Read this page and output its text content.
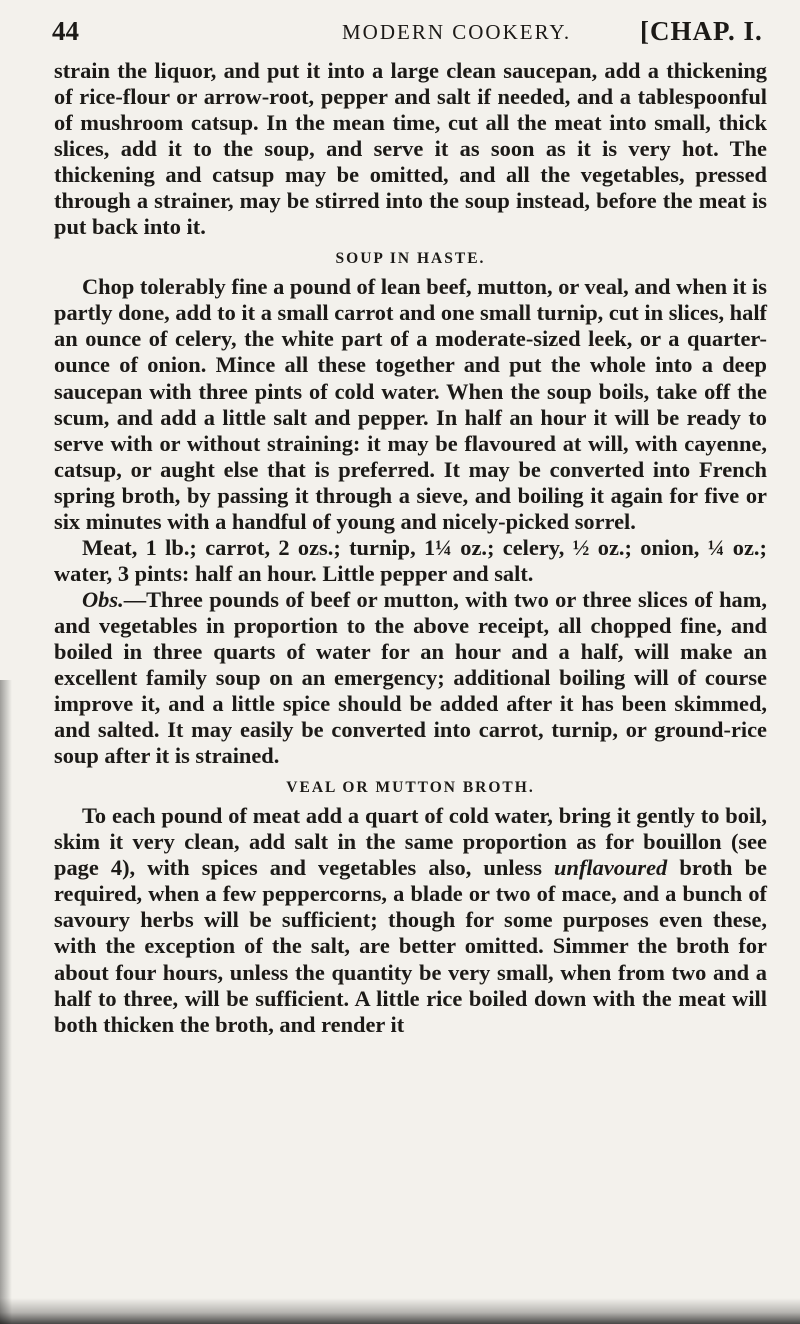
44	MODERN COOKERY.	[CHAP. I.

strain the liquor, and put it into a large clean saucepan, add a thickening of rice-flour or arrow-root, pepper and salt if needed, and a tablespoonful of mushroom catsup. In the mean time, cut all the meat into small, thick slices, add it to the soup, and serve it as soon as it is very hot. The thickening and catsup may be omitted, and all the vegetables, pressed through a strainer, may be stirred into the soup instead, before the meat is put back into it.

SOUP IN HASTE.

Chop tolerably fine a pound of lean beef, mutton, or veal, and when it is partly done, add to it a small carrot and one small turnip, cut in slices, half an ounce of celery, the white part of a moderate-sized leek, or a quarter-ounce of onion. Mince all these together and put the whole into a deep saucepan with three pints of cold water. When the soup boils, take off the scum, and add a little salt and pepper. In half an hour it will be ready to serve with or without straining: it may be flavoured at will, with cayenne, catsup, or aught else that is preferred. It may be converted into French spring broth, by passing it through a sieve, and boiling it again for five or six minutes with a handful of young and nicely-picked sorrel.

Meat, 1 lb.; carrot, 2 ozs.; turnip, 1¼ oz.; celery, ½ oz.; onion, ¼ oz.; water, 3 pints: half an hour. Little pepper and salt.

Obs.—Three pounds of beef or mutton, with two or three slices of ham, and vegetables in proportion to the above receipt, all chopped fine, and boiled in three quarts of water for an hour and a half, will make an excellent family soup on an emergency; additional boiling will of course improve it, and a little spice should be added after it has been skimmed, and salted. It may easily be converted into carrot, turnip, or ground-rice soup after it is strained.

VEAL OR MUTTON BROTH.

To each pound of meat add a quart of cold water, bring it gently to boil, skim it very clean, add salt in the same proportion as for bouillon (see page 4), with spices and vegetables also, unless unflavoured broth be required, when a few peppercorns, a blade or two of mace, and a bunch of savoury herbs will be sufficient; though for some purposes even these, with the exception of the salt, are better omitted. Simmer the broth for about four hours, unless the quantity be very small, when from two and a half to three, will be sufficient. A little rice boiled down with the meat will both thicken the broth, and render it
